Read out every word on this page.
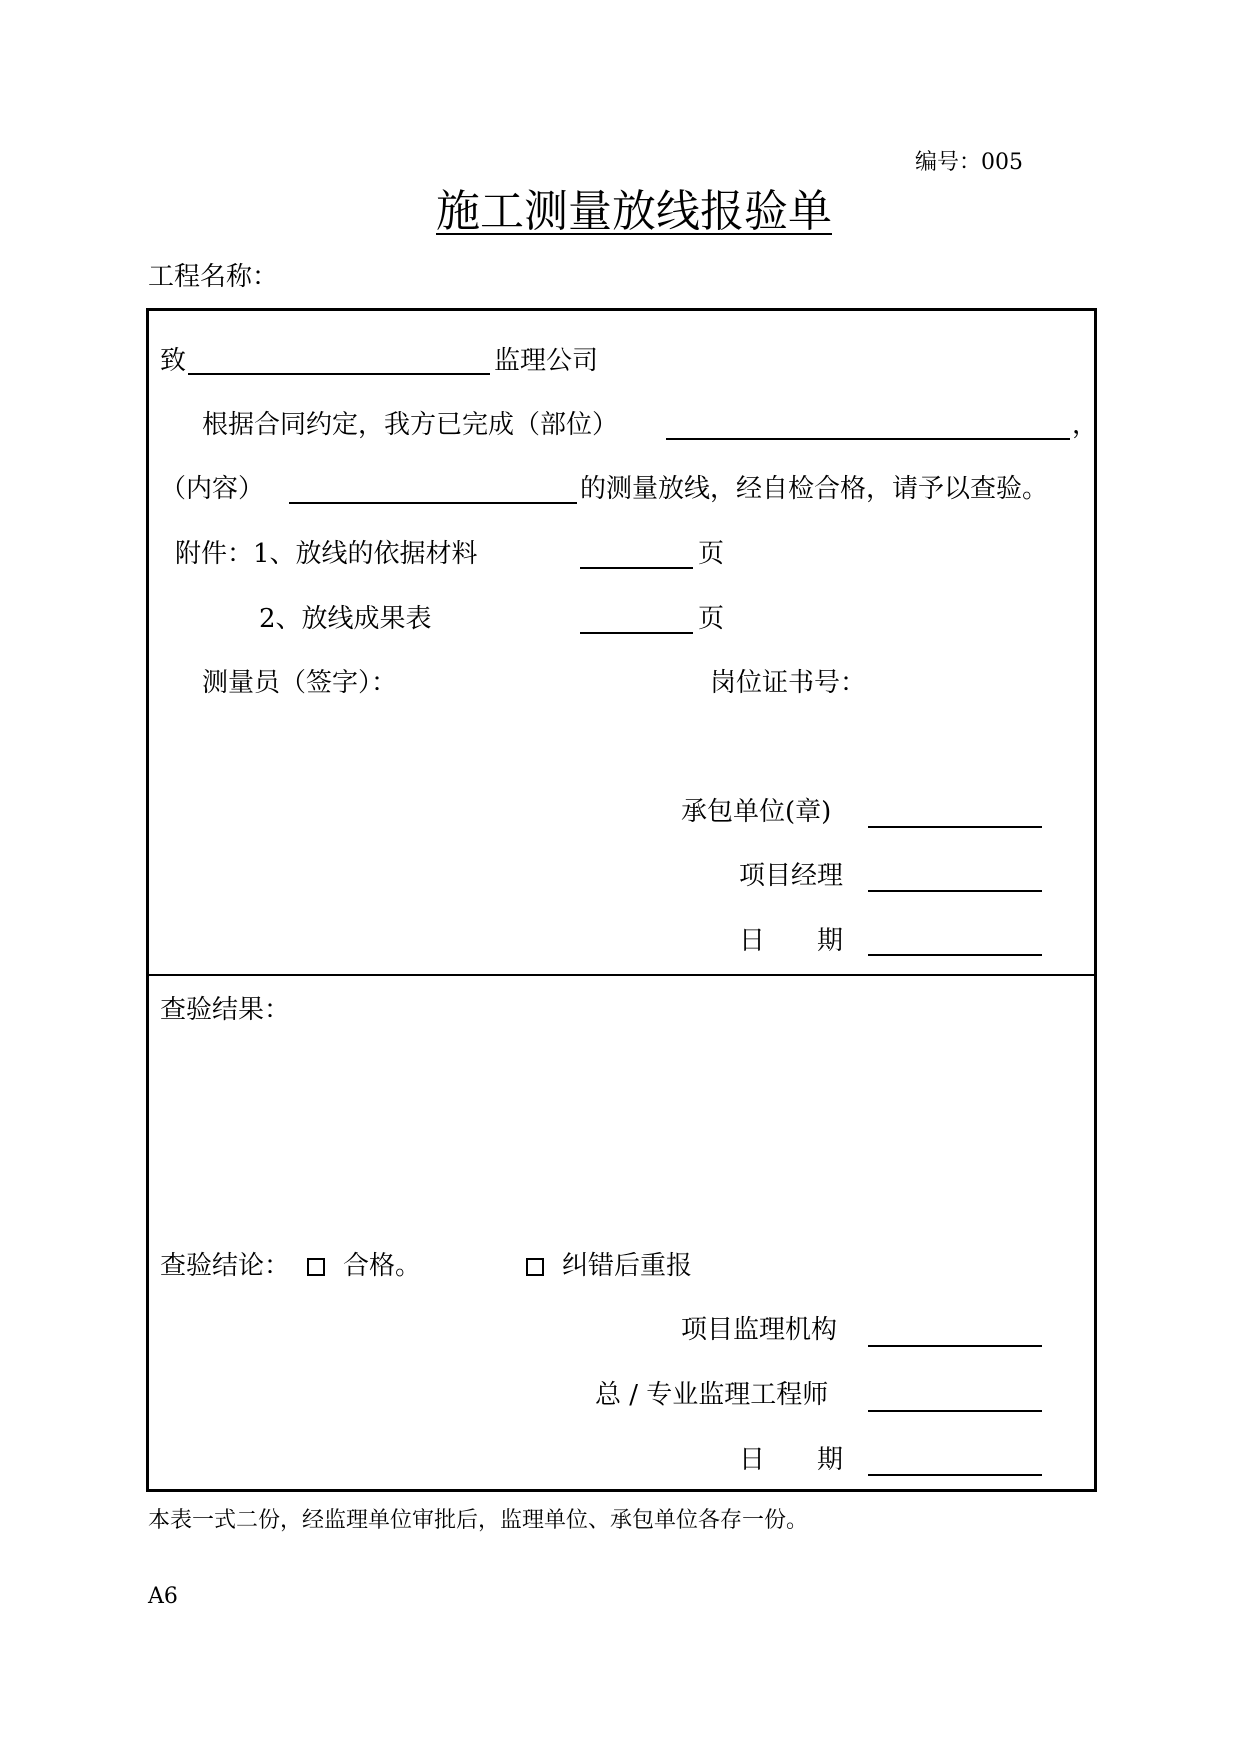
编号：005
施工测量放线报验单
工程名称：
致	监理公司
根据合同约定，我方已完成（部位）	，
（内容）	的测量放线，经自检合格，请予以查验。
附件：1、放线的依据材料	页
2、放线成果表	页
测量员（签字）：	岗位证书号：
承包单位(章)
项目经理
日　　期
查验结果：
查验结论：	合格。	纠错后重报
项目监理机构
总 / 专业监理工程师
日　　期
本表一式二份，经监理单位审批后，监理单位、承包单位各存一份。
A6
